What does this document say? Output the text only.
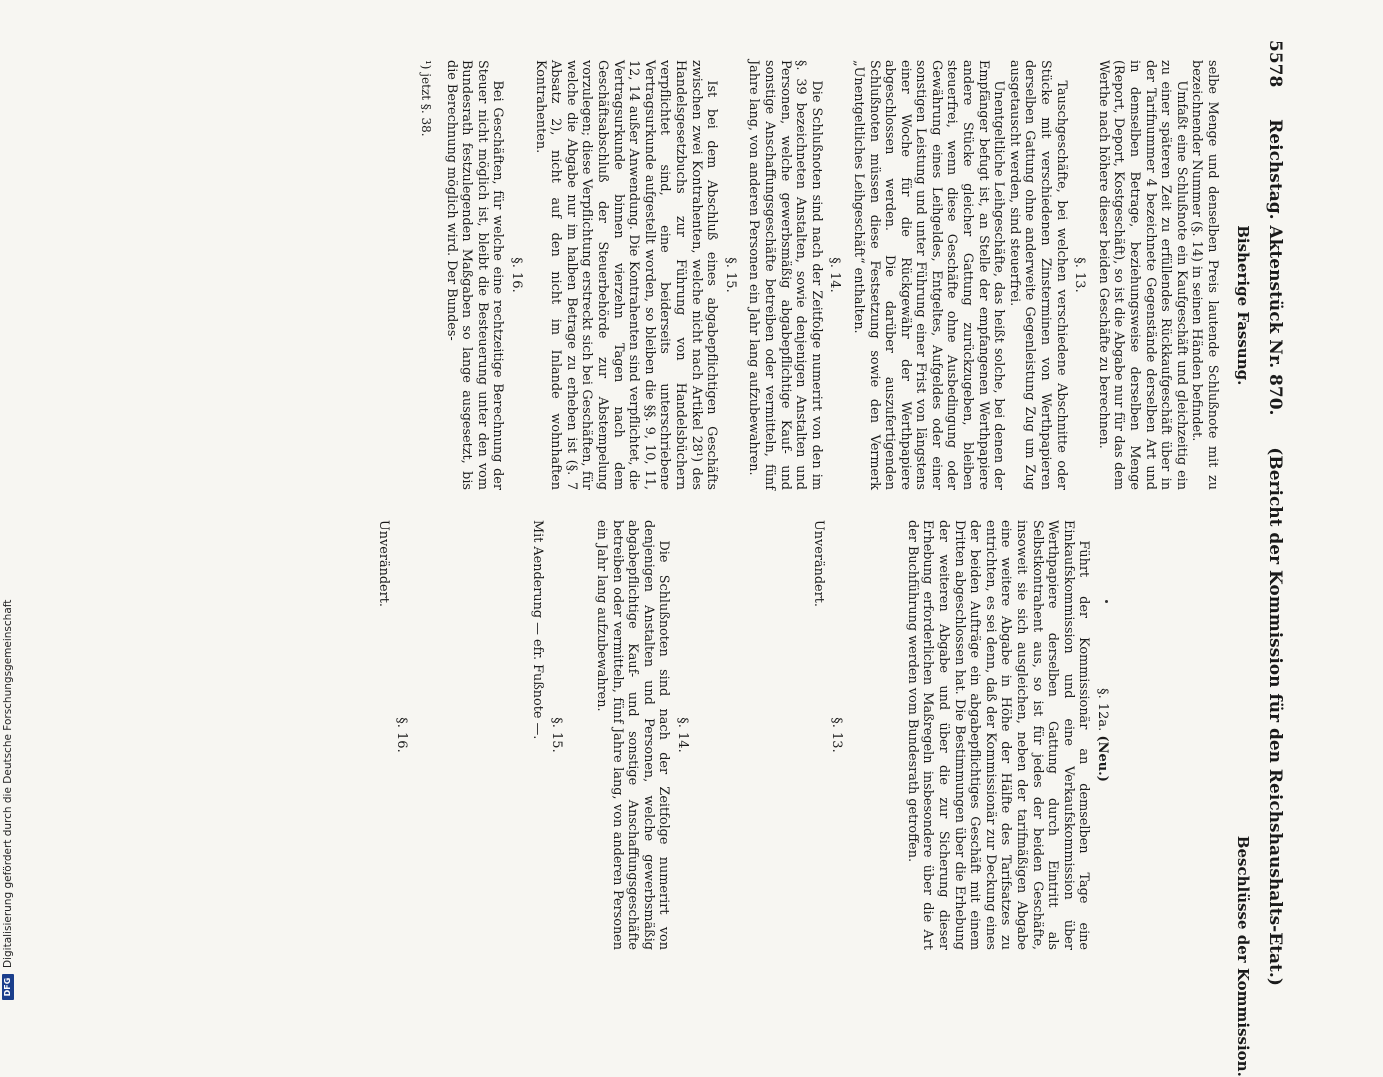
5578  Reichstag. Aktenstück Nr. 870.  (Bericht der Kommission für den Reichshaushalts-Etat.)
Bisherige Fassung.  Beschlüsse der Kommission.

selbe Menge und denselben Preis lautende Schlußnote mit zu bezeichnender Nummer (§. 14) in seinen Händen befindet.

Umfaßt eine Schlußnote ein Kaufgeschäft und gleichzeitig ein zu einer späteren Zeit zu erfüllendes Rückkaufgeschäft über in der Tarifnummer 4 bezeichnete Gegenstände derselben Art und in demselben Betrage, beziehungsweise derselben Menge (Report, Deport, Kostgeschäft), so ist die Abgabe nur für das dem Werthe nach höhere dieser beiden Geschäfte zu berechnen.

§. 13.

Tauschgeschäfte, bei welchen verschiedene Abschnitte oder Stücke mit verschiedenen Zinsterminen von Werthpapieren derselben Gattung ohne anderweite Gegenleistung Zug um Zug ausgetauscht werden, sind steuerfrei.

Unentgeltliche Leihgeschäfte, das heißt solche, bei denen der Empfänger befugt ist, an Stelle der empfangenen Werthpapiere andere Stücke gleicher Gattung zurückzugeben, bleiben steuerfrei, wenn diese Geschäfte ohne Ausbedingung oder Gewährung eines Leihgeldes, Entgeltes, Aufgeldes oder einer sonstigen Leistung und unter Führung einer Frist von längstens einer Woche für die Rückgewähr der Werthpapiere abgeschlossen werden. Die darüber auszufertigenden Schlußnoten müssen diese Festsetzung sowie den Vermerk „Unentgeltliches Leihgeschäft“ enthalten.

§. 14.

Die Schlußnoten sind nach der Zeitfolge numerirt von den im §. 39 bezeichneten Anstalten, sowie denjenigen Anstalten und Personen, welche gewerbsmäßig abgabepflichtige Kauf- und sonstige Anschaffungsgeschäfte betreiben oder vermitteln, fünf Jahre lang, von anderen Personen ein Jahr lang aufzubewahren.

§. 15.

Ist bei dem Abschluß eines abgabepflichtigen Geschäfts zwischen zwei Kontrahenten, welche nicht nach Artikel 28¹) des Handelsgesetzbuchs zur Führung von Handelsbüchern verpflichtet sind, eine beiderseits unterschriebene Vertragsurkunde aufgestellt worden, so bleiben die §§. 9, 10, 11, 12, 14 außer Anwendung. Die Kontrahenten sind verpflichtet, die Vertragsurkunde binnen vierzehn Tagen nach dem Geschäftsabschluß der Steuerbehörde zur Abstempelung vorzulegen; diese Verpflichtung erstreckt sich bei Geschäften, für welche die Abgabe nur im halben Betrage zu erheben ist (§. 7 Absatz 2), nicht auf den nicht im Inlande wohnhaften Kontrahenten.

§. 16.

Bei Geschäften, für welche eine rechtzeitige Berechnung der Steuer nicht möglich ist, bleibt die Besteuerung unter den vom Bundesrath festzulegenden Maßgaben so lange ausgesetzt, bis die Berechnung möglich wird. Der Bundes-

¹) jetzt §. 38.

§. 12a. (Neu.)

Führt der Kommissionär an demselben Tage eine Einkaufskommission und eine Verkaufskommission über Werthpapiere derselben Gattung durch Eintritt als Selbstkontrahent aus, so ist für jedes der beiden Geschäfte, insoweit sie sich ausgleichen, neben der tarifmäßigen Abgabe eine weitere Abgabe in Höhe der Hälfte des Tarifsatzes zu entrichten, es sei denn, daß der Kommissionär zur Deckung eines der beiden Aufträge ein abgabepflichtiges Geschäft mit einem Dritten abgeschlossen hat. Die Bestimmungen über die Erhebung der weiteren Abgabe und über die zur Sicherung dieser Erhebung erforderlichen Maßregeln insbesondere über die Art der Buchführung werden vom Bundesrath getroffen.

§. 13.

Unverändert.

§. 14.

Die Schlußnoten sind nach der Zeitfolge numerirt von denjenigen Anstalten und Personen, welche gewerbsmäßig abgabepflichtige Kauf- und sonstige Anschaffungsgeschäfte betreiben oder vermitteln, fünf Jahre lang, von anderen Personen ein Jahr lang aufzubewahren.

§. 15.

Mit Aenderung — efr. Fußnote —.

§. 16.

Unverändert.

DFG
Digitalisierung gefördert durch die Deutsche Forschungsgemeinschaft
